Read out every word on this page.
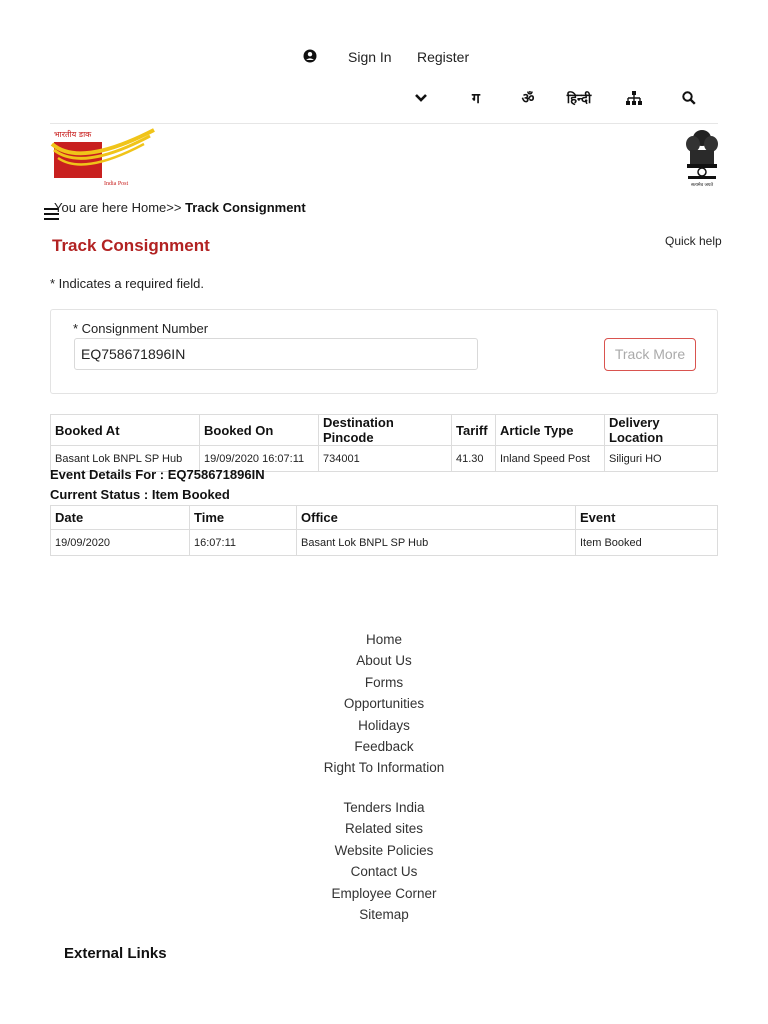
Sign In Register
ग	ॐ	हिन्दी
भारतीय डाक
India Post	सत्यमेव जयते
You are here Home>> Track Consignment
Track Consignment	Quick help
* Indicates a required field.
* Consignment Number
EQ758671896IN	Track More
Booked At	Booked On	Destination Pincode	Tariff	Article Type	Delivery Location
Basant Lok BNPL SP Hub	19/09/2020 16:07:11	734001	41.30	Inland Speed Post	Siliguri HO
Event Details For : EQ758671896IN
Current Status : Item Booked
Date	Time	Office	Event
19/09/2020	16:07:11	Basant Lok BNPL SP Hub	Item Booked
Home
About Us
Forms
Opportunities
Holidays
Feedback
Right To Information
Tenders India
Related sites
Website Policies
Contact Us
Employee Corner
Sitemap
External Links
